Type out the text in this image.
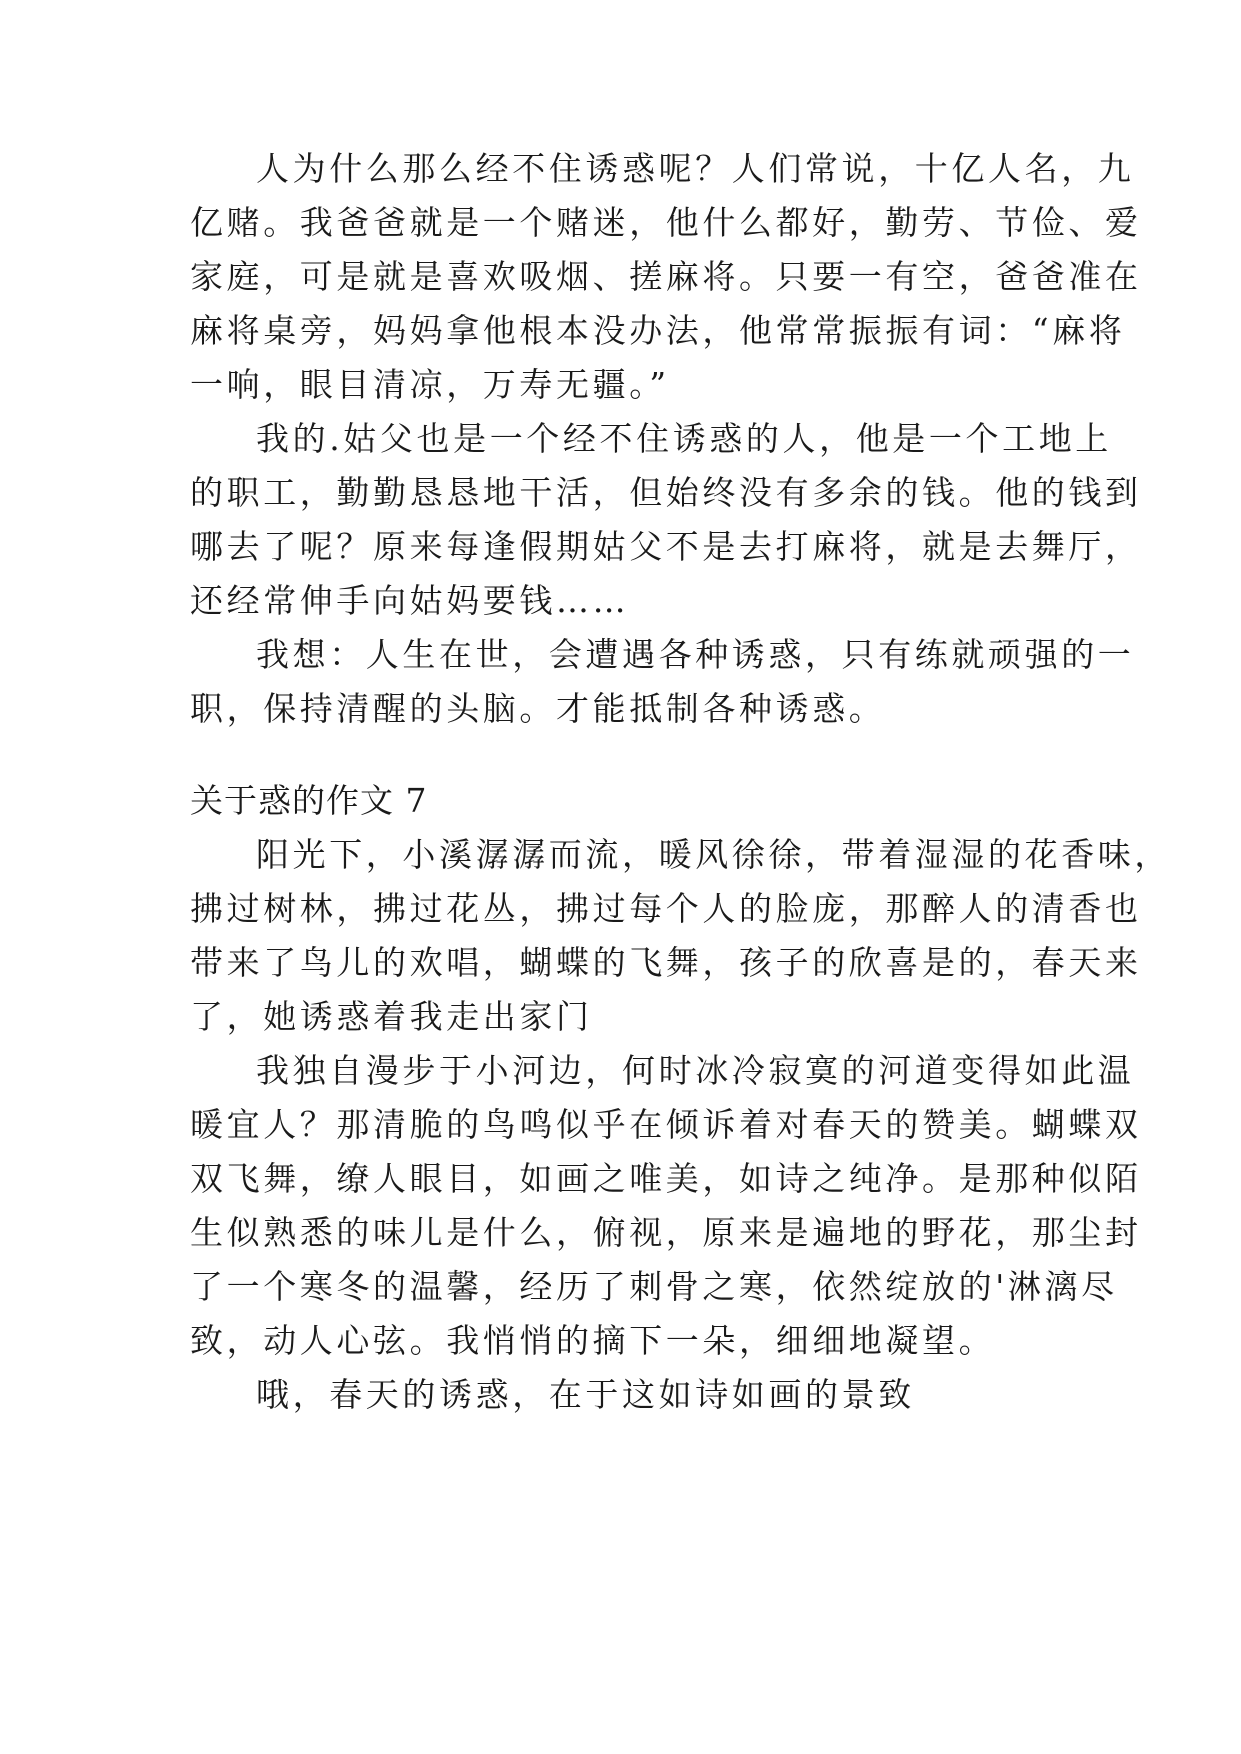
人为什么那么经不住诱惑呢？人们常说，十亿人名，九
亿赌。我爸爸就是一个赌迷，他什么都好，勤劳、节俭、爱
家庭，可是就是喜欢吸烟、搓麻将。只要一有空，爸爸准在
麻将桌旁，妈妈拿他根本没办法，他常常振振有词：“麻将
一响，眼目清凉，万寿无疆。”
我的.姑父也是一个经不住诱惑的人，他是一个工地上
的职工，勤勤恳恳地干活，但始终没有多余的钱。他的钱到
哪去了呢？原来每逢假期姑父不是去打麻将，就是去舞厅，
还经常伸手向姑妈要钱……
我想：人生在世，会遭遇各种诱惑，只有练就顽强的一
职，保持清醒的头脑。才能抵制各种诱惑。
关于惑的作文 7
阳光下，小溪潺潺而流，暖风徐徐，带着湿湿的花香味，
拂过树林，拂过花丛，拂过每个人的脸庞，那醉人的清香也
带来了鸟儿的欢唱，蝴蝶的飞舞，孩子的欣喜是的，春天来
了，她诱惑着我走出家门
我独自漫步于小河边，何时冰冷寂寞的河道变得如此温
暖宜人？那清脆的鸟鸣似乎在倾诉着对春天的赞美。蝴蝶双
双飞舞，缭人眼目，如画之唯美，如诗之纯净。是那种似陌
生似熟悉的味儿是什么，俯视，原来是遍地的野花，那尘封
了一个寒冬的温馨，经历了刺骨之寒，依然绽放的'淋漓尽
致，动人心弦。我悄悄的摘下一朵，细细地凝望。
哦，春天的诱惑，在于这如诗如画的景致
